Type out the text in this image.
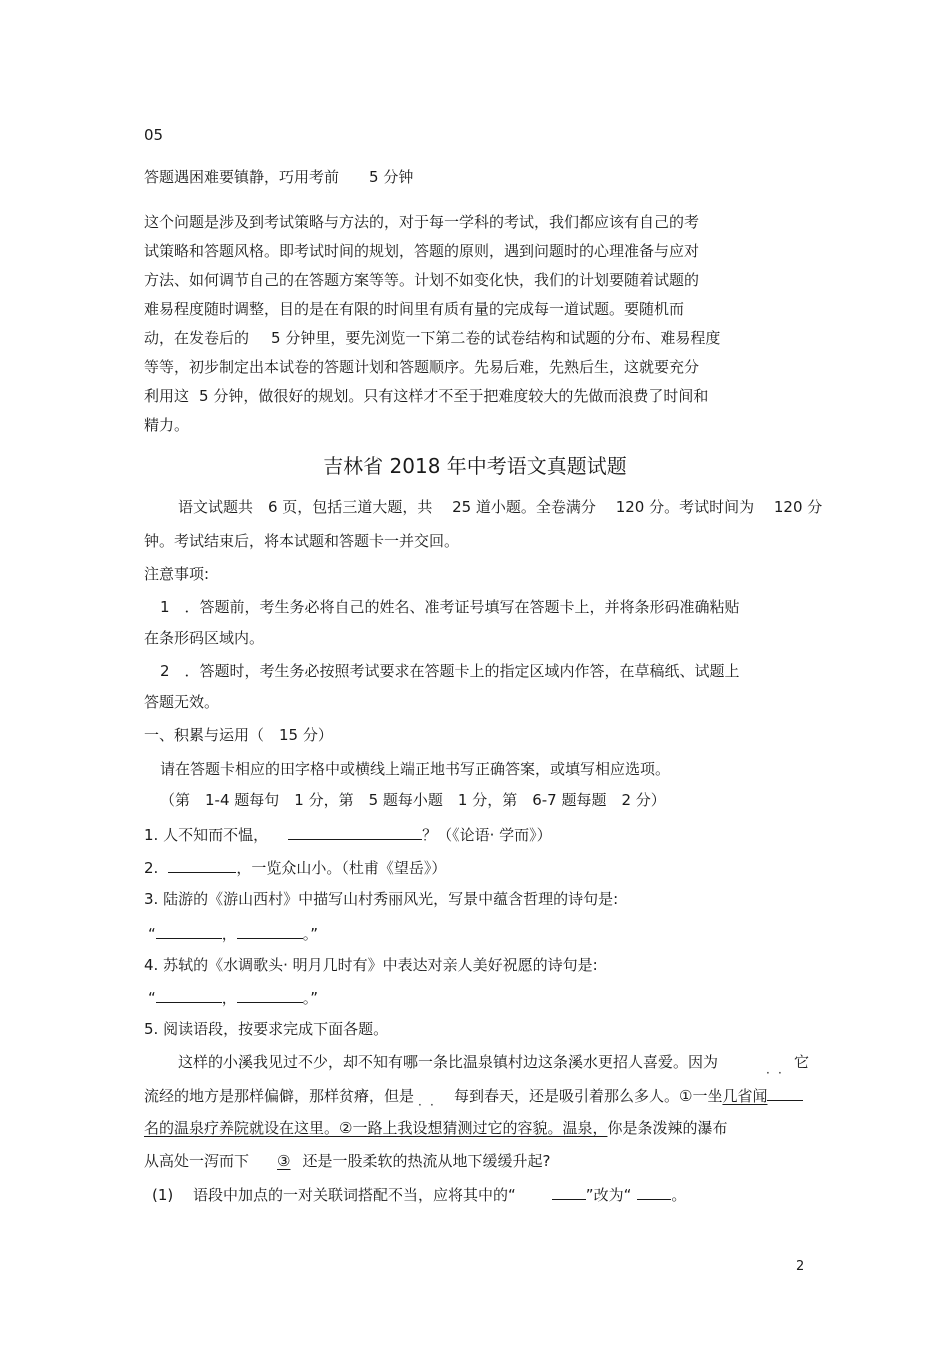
05
答题遇困难要镇静，巧用考前 5 分钟
这个问题是涉及到考试策略与方法的，对于每一学科的考试，我们都应该有自己的考
试策略和答题风格。即考试时间的规划，答题的原则，遇到问题时的心理准备与应对
方法、如何调节自己的在答题方案等等。计划不如变化快，我们的计划要随着试题的
难易程度随时调整，目的是在有限的时间里有质有量的完成每一道试题。要随机而
动，在发卷后的 5 分钟里，要先浏览一下第二卷的试卷结构和试题的分布、难易程度
等等，初步制定出本试卷的答题计划和答题顺序。先易后难，先熟后生，这就要充分
利用这 5 分钟，做很好的规划。只有这样才不至于把难度较大的先做而浪费了时间和
精力。
吉林省 2018 年中考语文真题试题
语文试题共　6 页，包括三道大题，共　 25 道小题。全卷满分　 120 分。考试时间为　 120 分
钟。考试结束后，将本试题和答题卡一并交回。
注意事项:
1　．答题前，考生务必将自己的姓名、准考证号填写在答题卡上，并将条形码准确粘贴
在条形码区域内。
2　．答题时，考生务必按照考试要求在答题卡上的指定区域内作答，在草稿纸、试题上
答题无效。
一、积累与运用（　15 分）
请在答题卡相应的田字格中或横线上端正地书写正确答案，或填写相应选项。
（第　1-4 题每句　1 分，第　5 题每小题　1 分，第　6-7 题每题　2 分）
1. 人不知而不愠，	？（《论语· 学而》）
2.	，一览众山小。（杜甫《望岳》）
3. 陆游的《游山西村》中描写山村秀丽风光，写景中蕴含哲理的诗句是:
“	，	。”
4. 苏轼的《水调歌头· 明月几时有》中表达对亲人美好祝愿的诗句是:
“	，	。”
5. 阅读语段，按要求完成下面各题。
这样的小溪我见过不少，却不知有哪一条比温泉镇村边这条溪水更招人喜爱。因为	它
· ·
流经的地方是那样偏僻，那样贫瘠，但是	每到春天，还是吸引着那么多人。①一坐几省闻
· ·
名的温泉疗养院就设在这里。②一路上我设想猜测过它的容貌。温泉，你是条泼辣的瀑布
从高处一泻而下 ③ 还是一股柔软的热流从地下缓缓升起?
(1)　 语段中加点的一对关联词搭配不当，应将其中的“	”改为“	。
2
